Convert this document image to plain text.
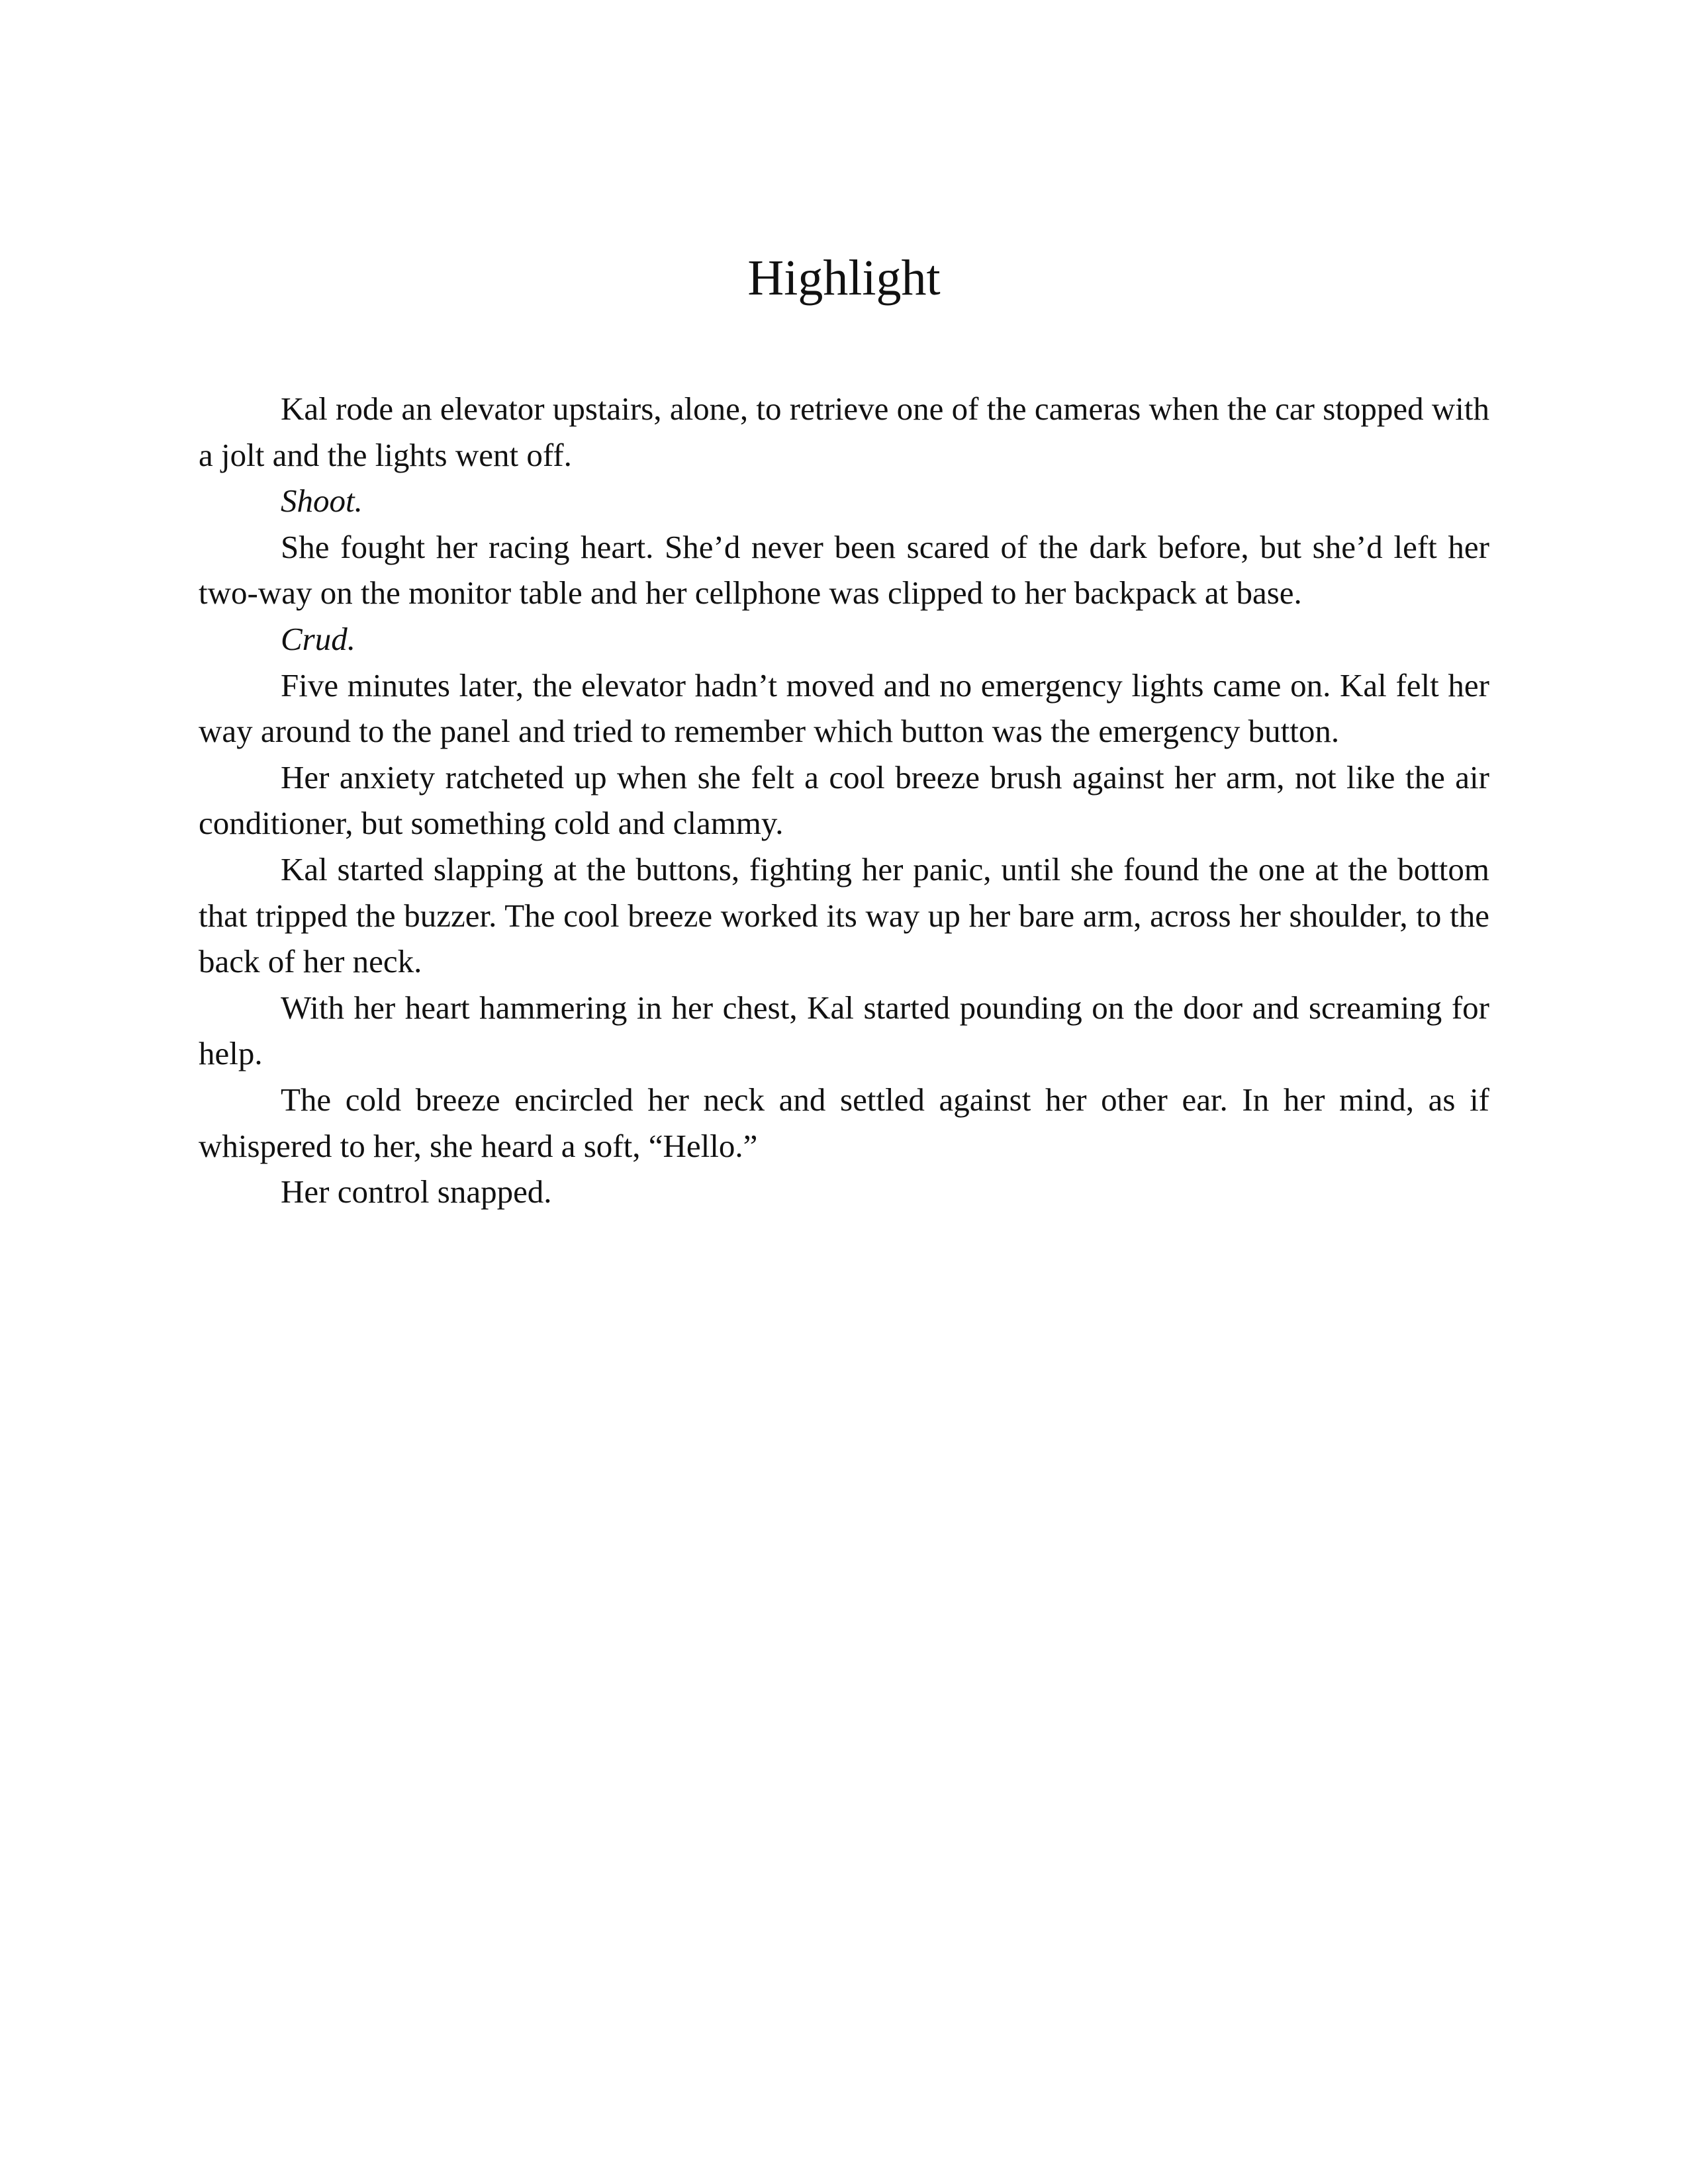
Highlight

Kal rode an elevator upstairs, alone, to retrieve one of the cameras when the car stopped with a jolt and the lights went off.

Shoot.

She fought her racing heart. She’d never been scared of the dark before, but she’d left her two-way on the monitor table and her cellphone was clipped to her backpack at base.

Crud.

Five minutes later, the elevator hadn’t moved and no emergency lights came on. Kal felt her way around to the panel and tried to remember which button was the emergency button.

Her anxiety ratcheted up when she felt a cool breeze brush against her arm, not like the air conditioner, but something cold and clammy.

Kal started slapping at the buttons, fighting her panic, until she found the one at the bottom that tripped the buzzer. The cool breeze worked its way up her bare arm, across her shoulder, to the back of her neck.

With her heart hammering in her chest, Kal started pounding on the door and screaming for help.

The cold breeze encircled her neck and settled against her other ear. In her mind, as if whispered to her, she heard a soft, “Hello.”

Her control snapped.
